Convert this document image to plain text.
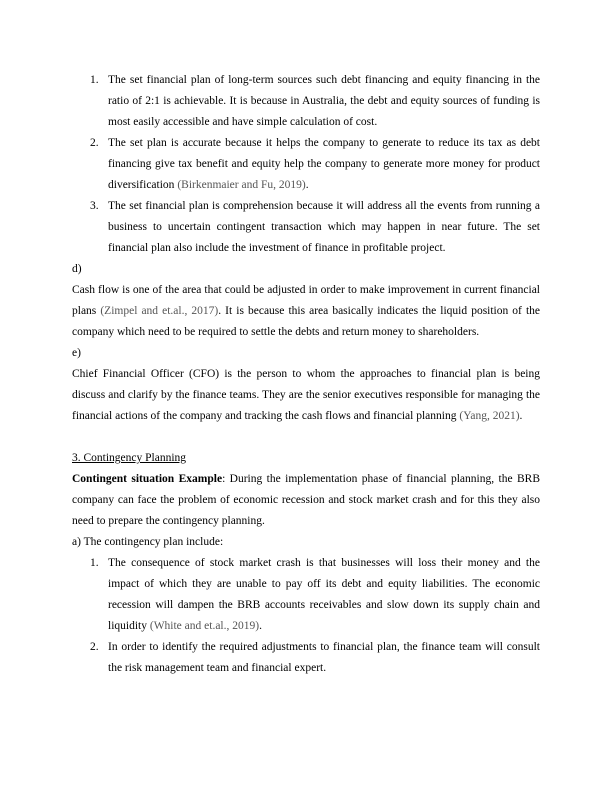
1. The set financial plan of long-term sources such debt financing and equity financing in the ratio of 2:1 is achievable. It is because in Australia, the debt and equity sources of funding is most easily accessible and have simple calculation of cost.
2. The set plan is accurate because it helps the company to generate to reduce its tax as debt financing give tax benefit and equity help the company to generate more money for product diversification (Birkenmaier and Fu, 2019).
3. The set financial plan is comprehension because it will address all the events from running a business to uncertain contingent transaction which may happen in near future. The set financial plan also include the investment of finance in profitable project.

d)

Cash flow is one of the area that could be adjusted in order to make improvement in current financial plans (Zimpel and et.al., 2017). It is because this area basically indicates the liquid position of the company which need to be required to settle the debts and return money to shareholders.

e)

Chief Financial Officer (CFO) is the person to whom the approaches to financial plan is being discuss and clarify by the finance teams. They are the senior executives responsible for managing the financial actions of the company and tracking the cash flows and financial planning (Yang, 2021).

3. Contingency Planning

Contingent situation Example: During the implementation phase of financial planning, the BRB company can face the problem of economic recession and stock market crash and for this they also need to prepare the contingency planning.

a) The contingency plan include:

1. The consequence of stock market crash is that businesses will loss their money and the impact of which they are unable to pay off its debt and equity liabilities. The economic recession will dampen the BRB accounts receivables and slow down its supply chain and liquidity (White and et.al., 2019).
2. In order to identify the required adjustments to financial plan, the finance team will consult the risk management team and financial expert.
